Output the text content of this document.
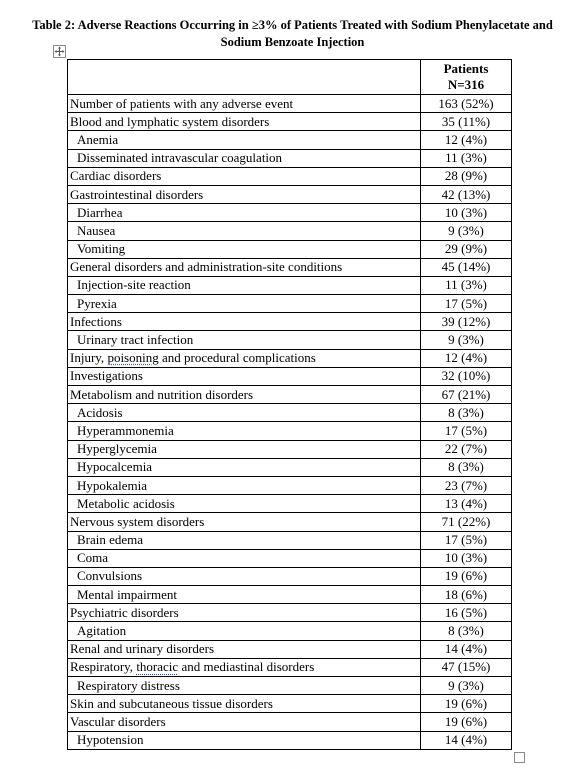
Table 2: Adverse Reactions Occurring in ≥3% of Patients Treated with Sodium Phenylacetate and
Sodium Benzoate Injection

	Patients
N=316

Number of patients with any adverse event	163 (52%)
Blood and lymphatic system disorders	35 (11%)
Anemia	12 (4%)
Disseminated intravascular coagulation	11 (3%)
Cardiac disorders	28 (9%)
Gastrointestinal disorders	42 (13%)
Diarrhea	10 (3%)
Nausea	9 (3%)
Vomiting	29 (9%)
General disorders and administration-site conditions	45 (14%)
Injection-site reaction	11 (3%)
Pyrexia	17 (5%)
Infections	39 (12%)
Urinary tract infection	9 (3%)
Injury, poisoning and procedural complications	12 (4%)
Investigations	32 (10%)
Metabolism and nutrition disorders	67 (21%)
Acidosis	8 (3%)
Hyperammonemia	17 (5%)
Hyperglycemia	22 (7%)
Hypocalcemia	8 (3%)
Hypokalemia	23 (7%)
Metabolic acidosis	13 (4%)
Nervous system disorders	71 (22%)
Brain edema	17 (5%)
Coma	10 (3%)
Convulsions	19 (6%)
Mental impairment	18 (6%)
Psychiatric disorders	16 (5%)
Agitation	8 (3%)
Renal and urinary disorders	14 (4%)
Respiratory, thoracic and mediastinal disorders	47 (15%)
Respiratory distress	9 (3%)
Skin and subcutaneous tissue disorders	19 (6%)
Vascular disorders	19 (6%)
Hypotension	14 (4%)
